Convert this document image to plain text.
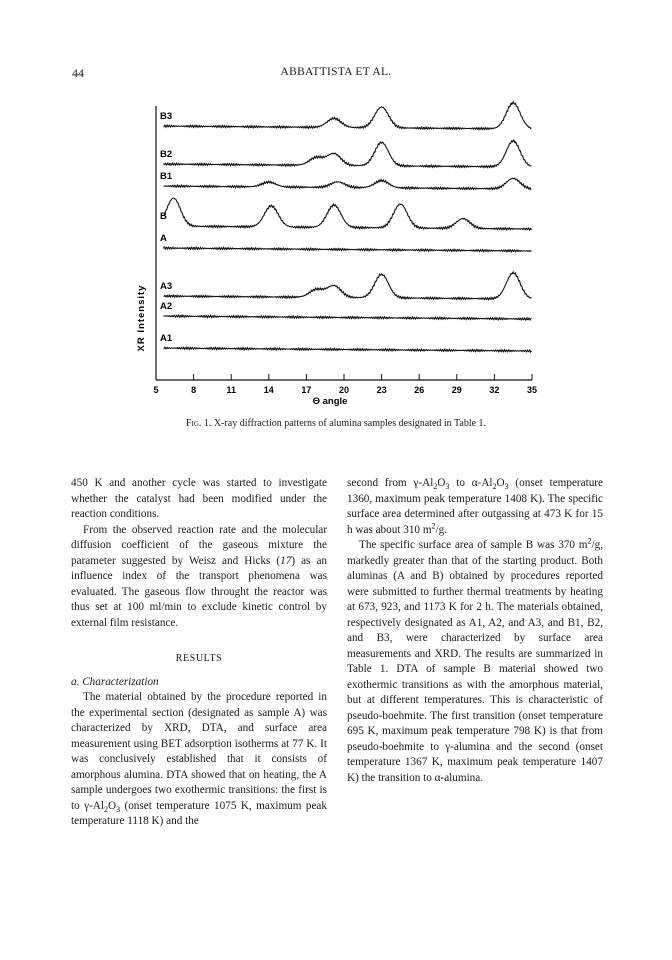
44	ABBATTISTA ET AL.
B3
B2
B1
B
A
A3
A2
A1
5	8	11	14	17	20	23	26	29	32	35
XR Intensity
Θ angle
Fig. 1. X-ray diffraction patterns of alumina samples designated in Table 1.

450 K and another cycle was started to investigate whether the catalyst had been modified under the reaction conditions.

From the observed reaction rate and the molecular diffusion coefficient of the gaseous mixture the parameter suggested by Weisz and Hicks (17) as an influence index of the transport phenomena was evaluated. The gaseous flow throught the reactor was thus set at 100 ml/min to exclude kinetic control by external film resistance.

RESULTS

a. Characterization

The material obtained by the procedure reported in the experimental section (designated as sample A) was characterized by XRD, DTA, and surface area measurement using BET adsorption isotherms at 77 K. It was conclusively established that it consists of amorphous alumina. DTA showed that on heating, the A sample undergoes two exothermic transitions: the first is to $\gamma-Al_2O_3$ (onset temperature 1075 K, maximum peak temperature 1118 K) and the

second from $\gamma-Al_2O_3$ to $\alpha-Al_2O_3$ (onset temperature 1360, maximum peak temperature 1408 K). The specific surface area determined after outgassing at 473 K for 15 h was about 310 $m^2/g$.

The specific surface area of sample B was 370 $m^2/g$, markedly greater than that of the starting product. Both aluminas (A and B) obtained by procedures reported were submitted to further thermal treatments by heating at 673, 923, and 1173 K for 2 h. The materials obtained, respectively designated as A1, A2, and A3, and B1, B2, and B3, were characterized by surface area measurements and XRD. The results are summarized in Table 1. DTA of sample B material showed two exothermic transitions as with the amorphous material, but at different temperatures. This is characteristic of pseudo-boehmite. The first transition (onset temperature 695 K, maximum peak temperature 798 K) is that from pseudo-boehmite to γ-alumina and the second (onset temperature 1367 K, maximum peak temperature 1407 K) the transition to α-alumina.
